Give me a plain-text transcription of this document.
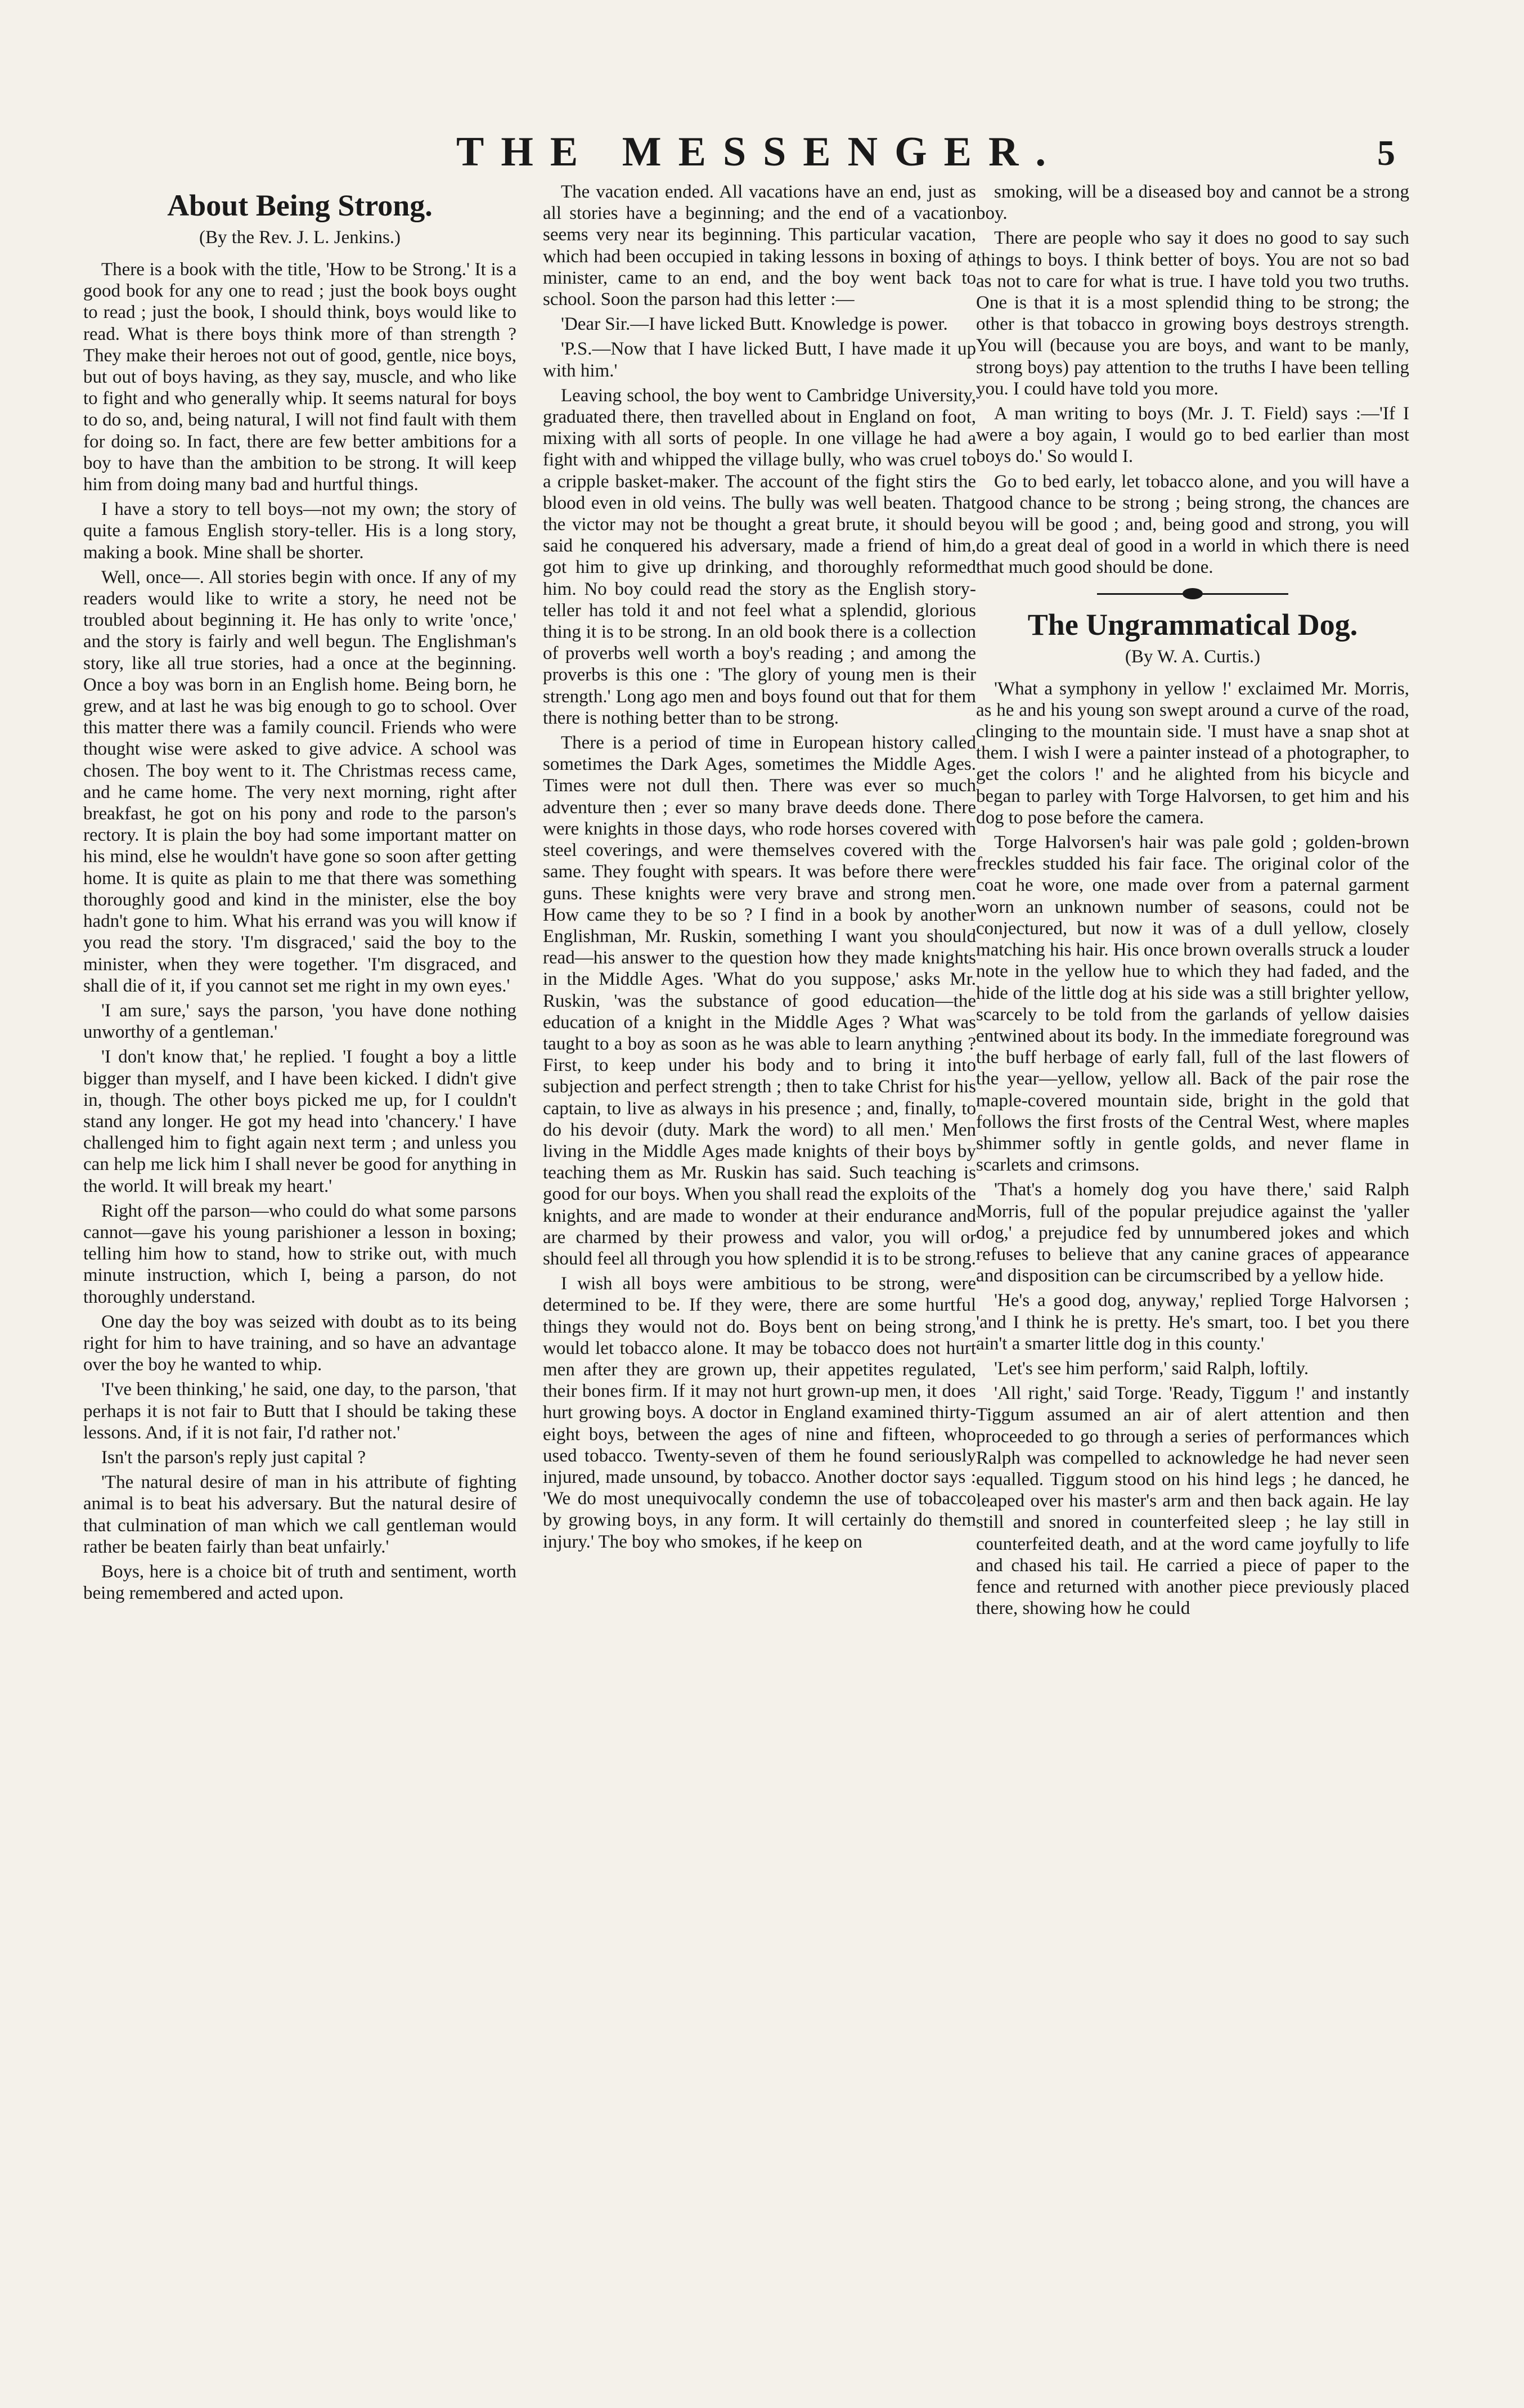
THE MESSENGER.	5
About Being Strong.
(By the Rev. J. L. Jenkins.)

There is a book with the title, 'How to be Strong.' It is a good book for any one to read ; just the book boys ought to read ; just the book, I should think, boys would like to read. What is there boys think more of than strength ? They make their heroes not out of good, gentle, nice boys, but out of boys having, as they say, muscle, and who like to fight and who generally whip. It seems natural for boys to do so, and, being natural, I will not find fault with them for doing so. In fact, there are few better ambitions for a boy to have than the ambition to be strong. It will keep him from doing many bad and hurtful things.

I have a story to tell boys—not my own; the story of quite a famous English story-teller. His is a long story, making a book. Mine shall be shorter.

Well, once—. All stories begin with once. If any of my readers would like to write a story, he need not be troubled about beginning it. He has only to write 'once,' and the story is fairly and well begun. The Englishman's story, like all true stories, had a once at the beginning. Once a boy was born in an English home. Being born, he grew, and at last he was big enough to go to school. Over this matter there was a family council. Friends who were thought wise were asked to give advice. A school was chosen. The boy went to it. The Christmas recess came, and he came home. The very next morning, right after breakfast, he got on his pony and rode to the parson's rectory. It is plain the boy had some important matter on his mind, else he wouldn't have gone so soon after getting home. It is quite as plain to me that there was something thoroughly good and kind in the minister, else the boy hadn't gone to him. What his errand was you will know if you read the story. 'I'm disgraced,' said the boy to the minister, when they were together. 'I'm disgraced, and shall die of it, if you cannot set me right in my own eyes.'

'I am sure,' says the parson, 'you have done nothing unworthy of a gentleman.'

'I don't know that,' he replied. 'I fought a boy a little bigger than myself, and I have been kicked. I didn't give in, though. The other boys picked me up, for I couldn't stand any longer. He got my head into 'chancery.' I have challenged him to fight again next term ; and unless you can help me lick him I shall never be good for anything in the world. It will break my heart.'

Right off the parson—who could do what some parsons cannot—gave his young parishioner a lesson in boxing; telling him how to stand, how to strike out, with much minute instruction, which I, being a parson, do not thoroughly understand.

One day the boy was seized with doubt as to its being right for him to have training, and so have an advantage over the boy he wanted to whip.

'I've been thinking,' he said, one day, to the parson, 'that perhaps it is not fair to Butt that I should be taking these lessons. And, if it is not fair, I'd rather not.'

Isn't the parson's reply just capital ?

'The natural desire of man in his attribute of fighting animal is to beat his adversary. But the natural desire of that culmination of man which we call gentleman would rather be beaten fairly than beat unfairly.'

Boys, here is a choice bit of truth and sentiment, worth being remembered and acted upon.

The vacation ended. All vacations have an end, just as all stories have a beginning; and the end of a vacation seems very near its beginning. This particular vacation, which had been occupied in taking lessons in boxing of a minister, came to an end, and the boy went back to school. Soon the parson had this letter :—

'Dear Sir.—I have licked Butt. Knowledge is power.

'P.S.—Now that I have licked Butt, I have made it up with him.'

Leaving school, the boy went to Cambridge University, graduated there, then travelled about in England on foot, mixing with all sorts of people. In one village he had a fight with and whipped the village bully, who was cruel to a cripple basket-maker. The account of the fight stirs the blood even in old veins. The bully was well beaten. That the victor may not be thought a great brute, it should be said he conquered his adversary, made a friend of him, got him to give up drinking, and thoroughly reformed him. No boy could read the story as the English story-teller has told it and not feel what a splendid, glorious thing it is to be strong. In an old book there is a collection of proverbs well worth a boy's reading ; and among the proverbs is this one : 'The glory of young men is their strength.' Long ago men and boys found out that for them there is nothing better than to be strong.

There is a period of time in European history called sometimes the Dark Ages, sometimes the Middle Ages. Times were not dull then. There was ever so much adventure then ; ever so many brave deeds done. There were knights in those days, who rode horses covered with steel coverings, and were themselves covered with the same. They fought with spears. It was before there were guns. These knights were very brave and strong men. How came they to be so ? I find in a book by another Englishman, Mr. Ruskin, something I want you should read—his answer to the question how they made knights in the Middle Ages. 'What do you suppose,' asks Mr. Ruskin, 'was the substance of good education—the education of a knight in the Middle Ages ? What was taught to a boy as soon as he was able to learn anything ? First, to keep under his body and to bring it into subjection and perfect strength ; then to take Christ for his captain, to live as always in his presence ; and, finally, to do his devoir (duty. Mark the word) to all men.' Men living in the Middle Ages made knights of their boys by teaching them as Mr. Ruskin has said. Such teaching is good for our boys. When you shall read the exploits of the knights, and are made to wonder at their endurance and are charmed by their prowess and valor, you will or should feel all through you how splendid it is to be strong.

I wish all boys were ambitious to be strong, were determined to be. If they were, there are some hurtful things they would not do. Boys bent on being strong, would let tobacco alone. It may be tobacco does not hurt men after they are grown up, their appetites regulated, their bones firm. If it may not hurt grown-up men, it does hurt growing boys. A doctor in England examined thirty-eight boys, between the ages of nine and fifteen, who used tobacco. Twenty-seven of them he found seriously injured, made unsound, by tobacco. Another doctor says : 'We do most unequivocally condemn the use of tobacco by growing boys, in any form. It will certainly do them injury.' The boy who smokes, if he keep on

smoking, will be a diseased boy and cannot be a strong boy.

There are people who say it does no good to say such things to boys. I think better of boys. You are not so bad as not to care for what is true. I have told you two truths. One is that it is a most splendid thing to be strong; the other is that tobacco in growing boys destroys strength. You will (because you are boys, and want to be manly, strong boys) pay attention to the truths I have been telling you. I could have told you more.

A man writing to boys (Mr. J. T. Field) says :—'If I were a boy again, I would go to bed earlier than most boys do.' So would I.

Go to bed early, let tobacco alone, and you will have a good chance to be strong ; being strong, the chances are you will be good ; and, being good and strong, you will do a great deal of good in a world in which there is need that much good should be done.

The Ungrammatical Dog.
(By W. A. Curtis.)

'What a symphony in yellow !' exclaimed Mr. Morris, as he and his young son swept around a curve of the road, clinging to the mountain side. 'I must have a snap shot at them. I wish I were a painter instead of a photographer, to get the colors !' and he alighted from his bicycle and began to parley with Torge Halvorsen, to get him and his dog to pose before the camera.

Torge Halvorsen's hair was pale gold ; golden-brown freckles studded his fair face. The original color of the coat he wore, one made over from a paternal garment worn an unknown number of seasons, could not be conjectured, but now it was of a dull yellow, closely matching his hair. His once brown overalls struck a louder note in the yellow hue to which they had faded, and the hide of the little dog at his side was a still brighter yellow, scarcely to be told from the garlands of yellow daisies entwined about its body. In the immediate foreground was the buff herbage of early fall, full of the last flowers of the year—yellow, yellow all. Back of the pair rose the maple-covered mountain side, bright in the gold that follows the first frosts of the Central West, where maples shimmer softly in gentle golds, and never flame in scarlets and crimsons.

'That's a homely dog you have there,' said Ralph Morris, full of the popular prejudice against the 'yaller dog,' a prejudice fed by unnumbered jokes and which refuses to believe that any canine graces of appearance and disposition can be circumscribed by a yellow hide.

'He's a good dog, anyway,' replied Torge Halvorsen ; 'and I think he is pretty. He's smart, too. I bet you there ain't a smarter little dog in this county.'

'Let's see him perform,' said Ralph, loftily.

'All right,' said Torge. 'Ready, Tiggum !' and instantly Tiggum assumed an air of alert attention and then proceeded to go through a series of performances which Ralph was compelled to acknowledge he had never seen equalled. Tiggum stood on his hind legs ; he danced, he leaped over his master's arm and then back again. He lay still and snored in counterfeited sleep ; he lay still in counterfeited death, and at the word came joyfully to life and chased his tail. He carried a piece of paper to the fence and returned with another piece previously placed there, showing how he could
